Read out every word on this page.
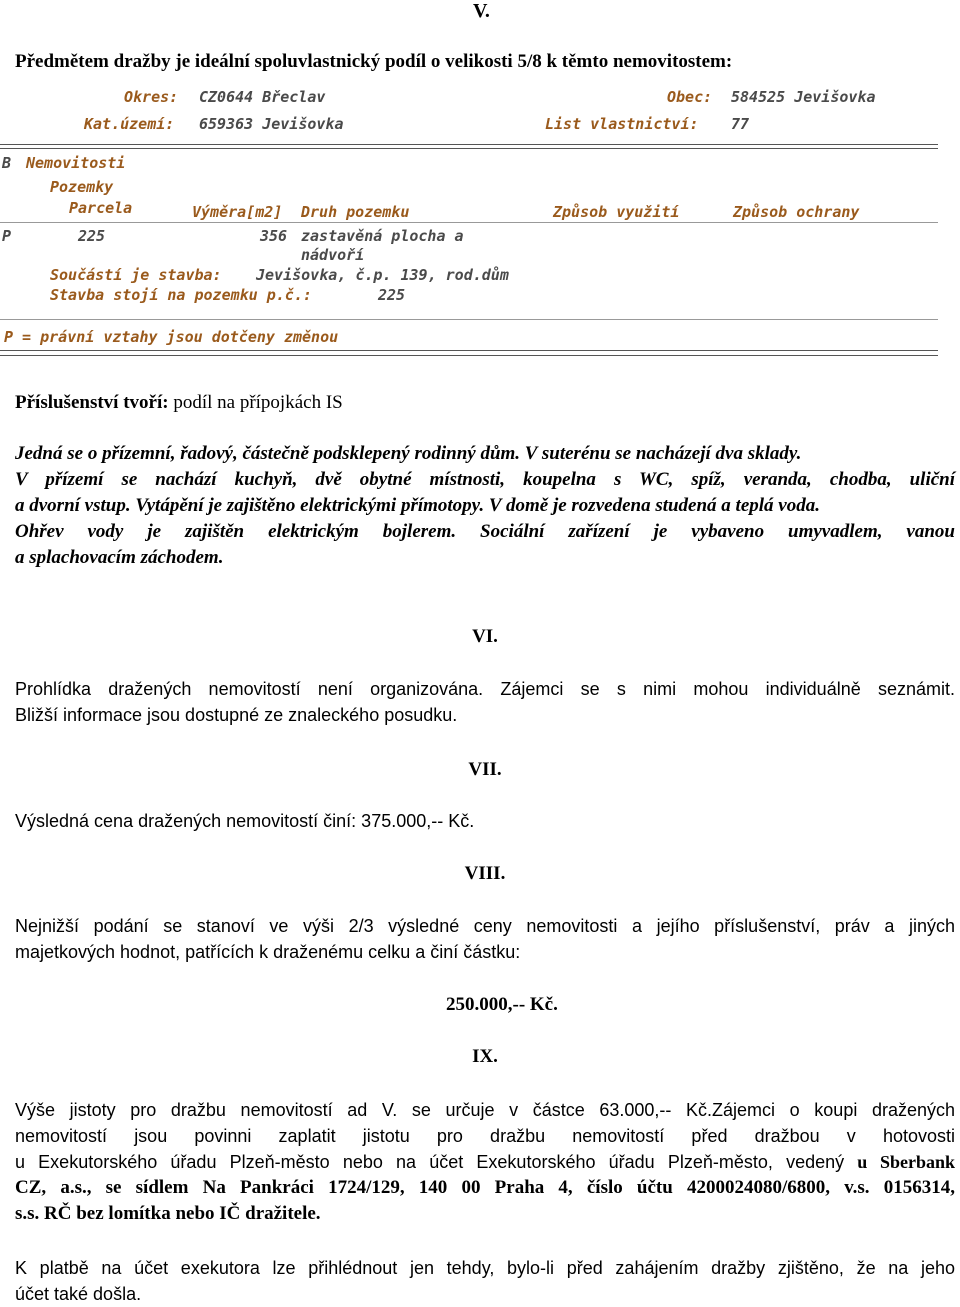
V.
Předmětem dražby je ideální spoluvlastnický podíl o velikosti 5/8 k těmto nemovitostem:
Okres: CZ0644 Břeclav	Obec: 584525 Jevišovka
Kat.území: 659363 Jevišovka	List vlastnictví: 77
B Nemovitosti
Pozemky
Parcela	Výměra[m2] Druh pozemku	Způsob využití	Způsob ochrany
P	225	356 zastavěná plocha a
nádvoří
Součástí je stavba: Jevišovka, č.p. 139, rod.dům
Stavba stojí na pozemku p.č.:	225
P = právní vztahy jsou dotčeny změnou
Příslušenství tvoří: podíl na přípojkách IS
Jedná se o přízemní, řadový, částečně podsklepený rodinný dům. V suterénu se nacházejí dva sklady.
V přízemí se nachází kuchyň, dvě obytné místnosti, koupelna s WC, spíž, veranda, chodba, uliční
a dvorní vstup. Vytápění je zajištěno elektrickými přímotopy. V domě je rozvedena studená a teplá voda.
Ohřev vody je zajištěn elektrickým bojlerem. Sociální zařízení je vybaveno umyvadlem, vanou
a splachovacím záchodem.
VI.
Prohlídka dražených nemovitostí není organizována. Zájemci se s nimi mohou individuálně seznámit.
Bližší informace jsou dostupné ze znaleckého posudku.
VII.
Výsledná cena dražených nemovitostí činí: 375.000,-- Kč.
VIII.
Nejnižší podání se stanoví ve výši 2/3 výsledné ceny nemovitosti a jejího příslušenství, práv a jiných
majetkových hodnot, patřících k draženému celku a činí částku:
250.000,-- Kč.
IX.
Výše jistoty pro dražbu nemovitostí ad V. se určuje v částce 63.000,-- Kč.Zájemci o koupi dražených
nemovitostí jsou povinni zaplatit jistotu pro dražbu nemovitostí před dražbou v hotovosti
u Exekutorského úřadu Plzeň-město nebo na účet Exekutorského úřadu Plzeň-město, vedený u Sberbank
CZ, a.s., se sídlem Na Pankráci 1724/129, 140 00 Praha 4, číslo účtu 4200024080/6800, v.s. 0156314,
s.s. RČ bez lomítka nebo IČ dražitele.
K platbě na účet exekutora lze přihlédnout jen tehdy, bylo-li před zahájením dražby zjištěno, že na jeho
účet také došla.
